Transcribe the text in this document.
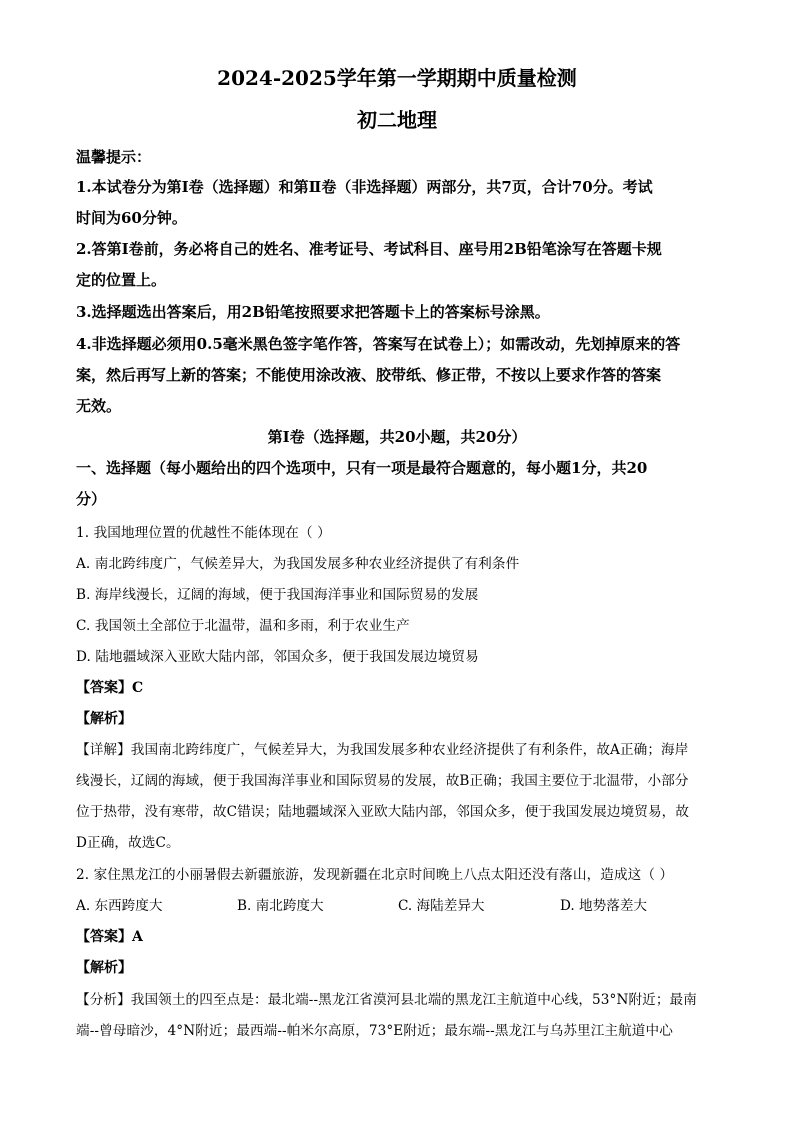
2024-2025学年第一学期期中质量检测
初二地理
温馨提示：
1.本试卷分为第Ⅰ卷（选择题）和第Ⅱ卷（非选择题）两部分，共7页，合计70分。考试
时间为60分钟。
2.答第Ⅰ卷前，务必将自己的姓名、准考证号、考试科目、座号用2B铅笔涂写在答题卡规
定的位置上。
3.选择题选出答案后，用2B铅笔按照要求把答题卡上的答案标号涂黑。
4.非选择题必须用0.5毫米黑色签字笔作答，答案写在试卷上）；如需改动，先划掉原来的答
案，然后再写上新的答案；不能使用涂改液、胶带纸、修正带，不按以上要求作答的答案
无效。
第Ⅰ卷（选择题，共20小题，共20分）
一、选择题（每小题给出的四个选项中，只有一项是最符合题意的，每小题1分，共20
分）
1. 我国地理位置的优越性不能体现在（ ）
A. 南北跨纬度广，气候差异大，为我国发展多种农业经济提供了有利条件
B. 海岸线漫长，辽阔的海域，便于我国海洋事业和国际贸易的发展
C. 我国领土全部位于北温带，温和多雨，利于农业生产
D. 陆地疆域深入亚欧大陆内部，邻国众多，便于我国发展边境贸易
【答案】C
【解析】
【详解】我国南北跨纬度广，气候差异大，为我国发展多种农业经济提供了有利条件，故A正确；海岸
线漫长，辽阔的海域，便于我国海洋事业和国际贸易的发展，故B正确；我国主要位于北温带，小部分
位于热带，没有寒带，故C错误；陆地疆域深入亚欧大陆内部，邻国众多，便于我国发展边境贸易，故
D正确，故选C。
2. 家住黑龙江的小丽暑假去新疆旅游，发现新疆在北京时间晚上八点太阳还没有落山，造成这（ ）
A. 东西跨度大	B. 南北跨度大	C. 海陆差异大	D. 地势落差大
【答案】A
【解析】
【分析】我国领土的四至点是：最北端--黑龙江省漠河县北端的黑龙江主航道中心线，53°N附近；最南
端--曾母暗沙，4°N附近；最西端--帕米尔高原，73°E附近；最东端--黑龙江与乌苏里江主航道中心
